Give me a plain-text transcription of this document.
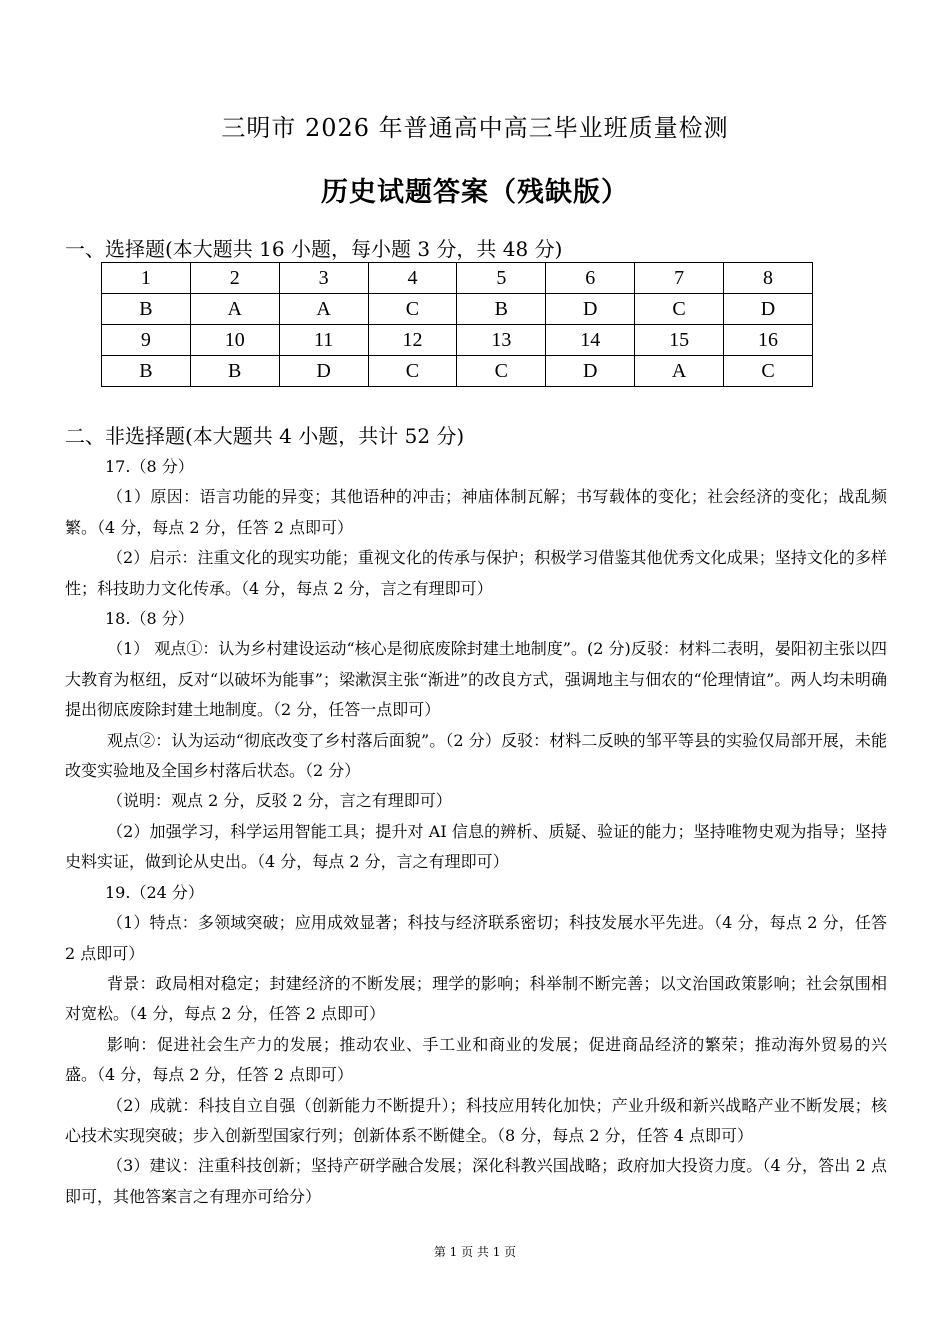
三明市 2026 年普通高中高三毕业班质量检测
历史试题答案（残缺版）
一、选择题(本大题共 16 小题，每小题 3 分，共 48 分)
1	2	3	4	5	6	7	8
B	A	A	C	B	D	C	D
9	10	11	12	13	14	15	16
B	B	D	C	C	D	A	C
二、非选择题(本大题共 4 小题，共计 52 分)

17.（8 分）

（1）原因：语言功能的异变；其他语种的冲击；神庙体制瓦解；书写载体的变化；社会经济的变化；战乱频繁。（4 分，每点 2 分，任答 2 点即可）

（2）启示：注重文化的现实功能；重视文化的传承与保护；积极学习借鉴其他优秀文化成果；坚持文化的多样性；科技助力文化传承。（4 分，每点 2 分，言之有理即可）

18.（8 分）

（1） 观点①：认为乡村建设运动“核心是彻底废除封建土地制度”。(2 分)反驳：材料二表明，晏阳初主张以四大教育为枢纽，反对“以破坏为能事”；梁漱溟主张“渐进”的改良方式，强调地主与佃农的“伦理情谊”。两人均未明确提出彻底废除封建土地制度。（2 分，任答一点即可）

观点②：认为运动“彻底改变了乡村落后面貌”。（2 分）反驳：材料二反映的邹平等县的实验仅局部开展，未能改变实验地及全国乡村落后状态。（2 分）

（说明：观点 2 分，反驳 2 分，言之有理即可）

（2）加强学习，科学运用智能工具；提升对 AI 信息的辨析、质疑、验证的能力；坚持唯物史观为指导；坚持史料实证，做到论从史出。（4 分，每点 2 分，言之有理即可）

19.（24 分）

（1）特点：多领域突破；应用成效显著；科技与经济联系密切；科技发展水平先进。（4 分，每点 2 分，任答 2 点即可）

背景：政局相对稳定；封建经济的不断发展；理学的影响；科举制不断完善；以文治国政策影响；社会氛围相对宽松。（4 分，每点 2 分，任答 2 点即可）

影响：促进社会生产力的发展；推动农业、手工业和商业的发展；促进商品经济的繁荣；推动海外贸易的兴盛。（4 分，每点 2 分，任答 2 点即可）

（2）成就：科技自立自强（创新能力不断提升）；科技应用转化加快；产业升级和新兴战略产业不断发展；核心技术实现突破；步入创新型国家行列；创新体系不断健全。（8 分，每点 2 分，任答 4 点即可）

（3）建议：注重科技创新；坚持产研学融合发展；深化科教兴国战略；政府加大投资力度。（4 分，答出 2 点即可，其他答案言之有理亦可给分）

第 1 页 共 1 页
